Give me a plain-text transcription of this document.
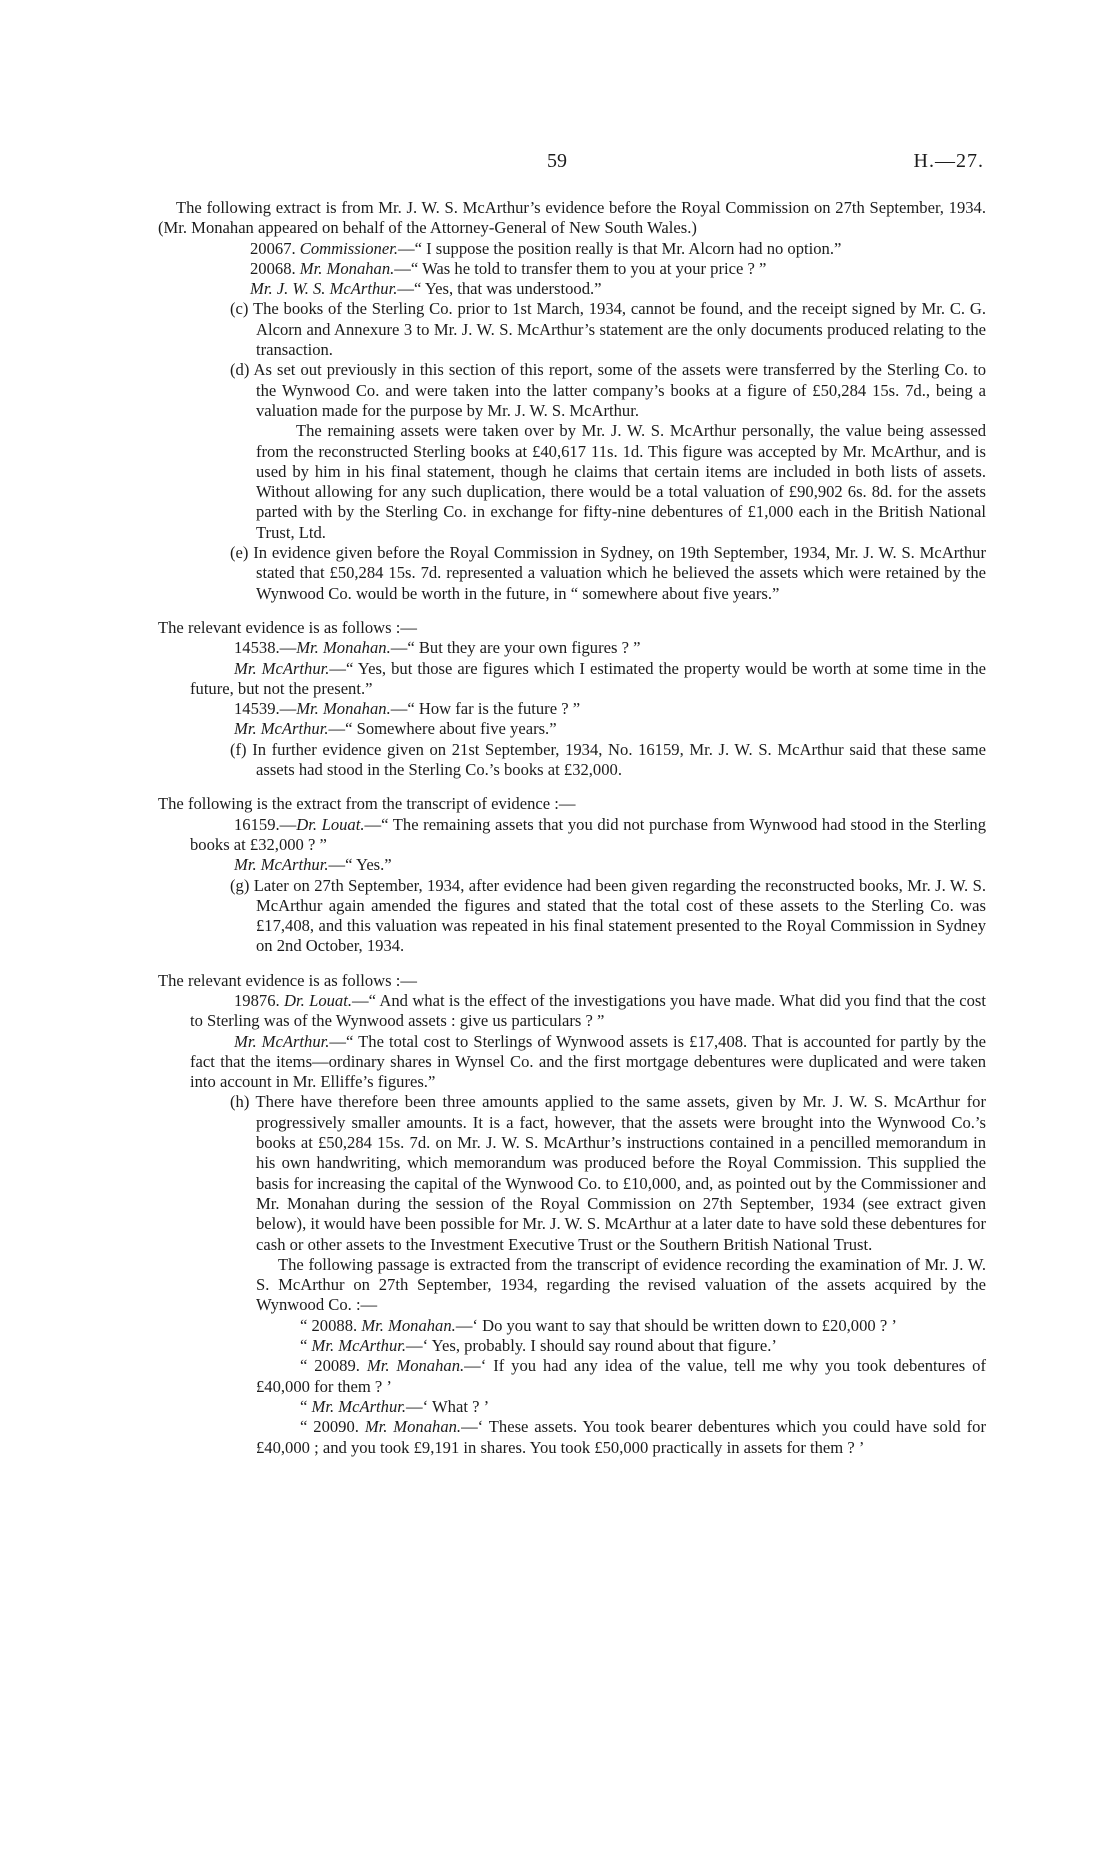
59	H.—27.

The following extract is from Mr. J. W. S. McArthur’s evidence before the Royal Commission on 27th September, 1934. (Mr. Monahan appeared on behalf of the Attorney-General of New South Wales.)

20067. Commissioner.—“ I suppose the position really is that Mr. Alcorn had no option.”

20068. Mr. Monahan.—“ Was he told to transfer them to you at your price ? ”

Mr. J. W. S. McArthur.—“ Yes, that was understood.”

(c) The books of the Sterling Co. prior to 1st March, 1934, cannot be found, and the receipt signed by Mr. C. G. Alcorn and Annexure 3 to Mr. J. W. S. McArthur’s statement are the only documents produced relating to the transaction.

(d) As set out previously in this section of this report, some of the assets were transferred by the Sterling Co. to the Wynwood Co. and were taken into the latter company’s books at a figure of £50,284 15s. 7d., being a valuation made for the purpose by Mr. J. W. S. McArthur.

The remaining assets were taken over by Mr. J. W. S. McArthur personally, the value being assessed from the reconstructed Sterling books at £40,617 11s. 1d. This figure was accepted by Mr. McArthur, and is used by him in his final statement, though he claims that certain items are included in both lists of assets. Without allowing for any such duplication, there would be a total valuation of £90,902 6s. 8d. for the assets parted with by the Sterling Co. in exchange for fifty-nine debentures of £1,000 each in the British National Trust, Ltd.

(e) In evidence given before the Royal Commission in Sydney, on 19th September, 1934, Mr. J. W. S. McArthur stated that £50,284 15s. 7d. represented a valuation which he believed the assets which were retained by the Wynwood Co. would be worth in the future, in “ somewhere about five years.”

The relevant evidence is as follows :—

14538.—Mr. Monahan.—“ But they are your own figures ? ”

Mr. McArthur.—“ Yes, but those are figures which I estimated the property would be worth at some time in the future, but not the present.”

14539.—Mr. Monahan.—“ How far is the future ? ”

Mr. McArthur.—“ Somewhere about five years.”

(f) In further evidence given on 21st September, 1934, No. 16159, Mr. J. W. S. McArthur said that these same assets had stood in the Sterling Co.’s books at £32,000.

The following is the extract from the transcript of evidence :—

16159.—Dr. Louat.—“ The remaining assets that you did not purchase from Wynwood had stood in the Sterling books at £32,000 ? ”

Mr. McArthur.—“ Yes.”

(g) Later on 27th September, 1934, after evidence had been given regarding the reconstructed books, Mr. J. W. S. McArthur again amended the figures and stated that the total cost of these assets to the Sterling Co. was £17,408, and this valuation was repeated in his final statement presented to the Royal Commission in Sydney on 2nd October, 1934.

The relevant evidence is as follows :—

19876. Dr. Louat.—“ And what is the effect of the investigations you have made. What did you find that the cost to Sterling was of the Wynwood assets : give us particulars ? ”

Mr. McArthur.—“ The total cost to Sterlings of Wynwood assets is £17,408. That is accounted for partly by the fact that the items—ordinary shares in Wynsel Co. and the first mortgage debentures were duplicated and were taken into account in Mr. Elliffe’s figures.”

(h) There have therefore been three amounts applied to the same assets, given by Mr. J. W. S. McArthur for progressively smaller amounts. It is a fact, however, that the assets were brought into the Wynwood Co.’s books at £50,284 15s. 7d. on Mr. J. W. S. McArthur’s instructions contained in a pencilled memorandum in his own handwriting, which memorandum was produced before the Royal Commission. This supplied the basis for increasing the capital of the Wynwood Co. to £10,000, and, as pointed out by the Commissioner and Mr. Monahan during the session of the Royal Commission on 27th September, 1934 (see extract given below), it would have been possible for Mr. J. W. S. McArthur at a later date to have sold these debentures for cash or other assets to the Investment Executive Trust or the Southern British National Trust.

The following passage is extracted from the transcript of evidence recording the examination of Mr. J. W. S. McArthur on 27th September, 1934, regarding the revised valuation of the assets acquired by the Wynwood Co. :—

“ 20088. Mr. Monahan.—‘ Do you want to say that should be written down to £20,000 ? ’

“ Mr. McArthur.—‘ Yes, probably. I should say round about that figure.’

“ 20089. Mr. Monahan.—‘ If you had any idea of the value, tell me why you took debentures of £40,000 for them ? ’

“ Mr. McArthur.—‘ What ? ’

“ 20090. Mr. Monahan.—‘ These assets. You took bearer debentures which you could have sold for £40,000 ; and you took £9,191 in shares. You took £50,000 practically in assets for them ? ’
